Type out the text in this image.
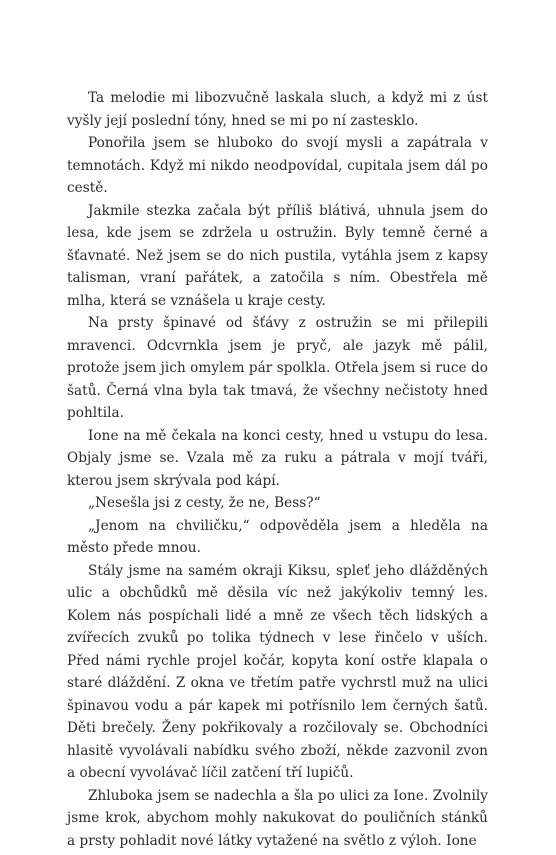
Ta melodie mi libozvučně laskala sluch, a když mi z úst vyšly její poslední tóny, hned se mi po ní zastesklo.

Ponořila jsem se hluboko do svojí mysli a zapátrala v temnotách. Když mi nikdo neodpovídal, cupitala jsem dál po cestě.

Jakmile stezka začala být příliš blátivá, uhnula jsem do lesa, kde jsem se zdržela u ostružin. Byly temně černé a šťavnaté. Než jsem se do nich pustila, vytáhla jsem z kapsy talisman, vraní pařátek, a zatočila s ním. Obestřela mě mlha, která se vznášela u kraje cesty.

Na prsty špinavé od šťávy z ostružin se mi přilepili mravenci. Odcvrnkla jsem je pryč, ale jazyk mě pálil, protože jsem jich omylem pár spolkla. Otřela jsem si ruce do šatů. Černá vlna byla tak tmavá, že všechny nečistoty hned pohltila.

Ione na mě čekala na konci cesty, hned u vstupu do lesa. Objaly jsme se. Vzala mě za ruku a pátrala v mojí tváři, kterou jsem skrývala pod kápí.

„Nesešla jsi z cesty, že ne, Bess?“

„Jenom na chviličku,“ odpověděla jsem a hleděla na město přede mnou.

Stály jsme na samém okraji Kiksu, spleť jeho dlážděných ulic a obchůdků mě děsila víc než jakýkoliv temný les. Kolem nás pospíchali lidé a mně ze všech těch lidských a zvířecích zvuků po tolika týdnech v lese řinčelo v uších. Před námi rychle projel kočár, kopyta koní ostře klapala o staré dláždění. Z okna ve třetím patře vychrstl muž na ulici špinavou vodu a pár kapek mi potřísnilo lem černých šatů. Děti brečely. Ženy pokřikovaly a rozčilovaly se. Obchodníci hlasitě vyvolávali nabídku svého zboží, někde zazvonil zvon a obecní vyvolávač líčil zatčení tří lupičů.

Zhluboka jsem se nadechla a šla po ulici za Ione. Zvolnily jsme krok, abychom mohly nakukovat do pouličních stánků a prsty pohladit nové látky vytažené na světlo z výloh. Ione
